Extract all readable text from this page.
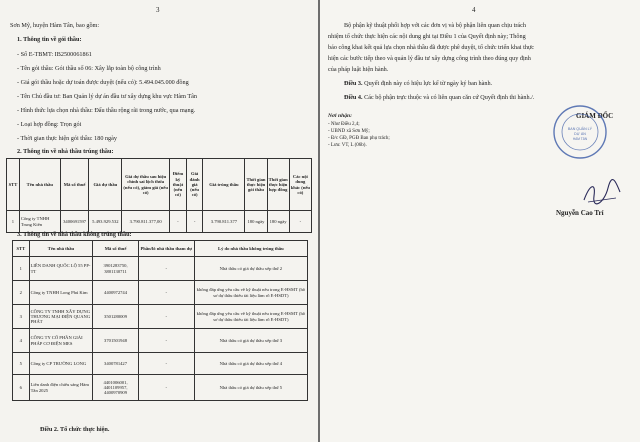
3
Sơn Mỹ, huyện Hàm Tân, bao gồm:
1. Thông tin về gói thầu:
- Số E-TBMT: IB2500061861
- Tên gói thầu: Gói thầu số 06: Xây lắp toàn bộ công trình
- Giá gói thầu hoặc dự toán được duyệt (nếu có): 5.494.045.000 đồng
- Tên Chủ đầu tư: Ban Quản lý dự án đầu tư xây dựng khu vực Hàm Tân
- Hình thức lựa chọn nhà thầu: Đấu thầu rộng rãi trong nước, qua mạng.
- Loại hợp đồng: Trọn gói
- Thời gian thực hiện gói thầu: 180 ngày
2. Thông tin về nhà thầu trúng thầu:
STT	Tên nhà thầu	Mã số thuế	Giá dự thầu	Giá dự thầu sau hiệu chỉnh sai lệch thừa (nếu có), giảm giá (nếu có)	Điểm kỹ thuật (nếu có)	Giá đánh giá (nếu có)	Giá trúng thầu	Thời gian thực hiện gói thầu	Thời gian thực hiện hợp đồng	Các nội dung khác (nếu có)
1	Công ty TNHH Trung Kiên	3400691597	5.493.929.532	3.790.811.377,00	-	-	3.790.811.377	180 ngày	180 ngày	-
3. Thông tin về nhà thầu không trúng thầu:
STT	Tên nhà thầu	Mã số thuế	Phần/lô nhà thầu tham dự	Lý do nhà thầu không trúng thầu
1	LIÊN DANH QUỐC LỘ 55 PP-TT	3901283750, 3801130711	-	Nhà thầu có giá dự thầu xếp thứ 2
2	Công ty TNHH Long Phú Kim	4400972744	-	không đáp ứng yêu cầu về kỹ thuật nêu trong E-HSMT (hồ sơ dự thầu thiếu tài liệu làm rõ E-HSDT)
3	CÔNG TY TNHH XÂY DỰNG THƯƠNG MẠI ĐIỆN QUANG PHÁT	3501280009	-	không đáp ứng yêu cầu về kỹ thuật nêu trong E-HSMT (hồ sơ dự thầu thiếu tài liệu làm rõ E-HSDT)
4	CÔNG TY CỔ PHẦN GIẢI PHÁP CƠ ĐIỆN MES	3701501948	-	Nhà thầu có giá dự thầu xếp thứ 3
5	Công ty CP TRƯỜNG LONG	3400781427	-	Nhà thầu có giá dự thầu xếp thứ 4
6	Liên danh điện chiếu sáng Hàm Tân 2025	4401006001, 4401109957, 4400970909	-	Nhà thầu có giá dự thầu xếp thứ 5
Điều 2. Tổ chức thực hiện.
4
Bộ phận kỹ thuật phối hợp với các đơn vị và bộ phận liên quan chịu trách
nhiệm tổ chức thực hiện các nội dung ghi tại Điều 1 của Quyết định này; Thông
báo công khai kết quả lựa chọn nhà thầu đã được phê duyệt, tổ chức triển khai thực
hiện các bước tiếp theo và quản lý đầu tư xây dựng công trình theo đúng quy định
của pháp luật hiện hành.
Điều 3. Quyết định này có hiệu lực kể từ ngày ký ban hành.
Điều 4. Các bộ phận trực thuộc và có liên quan căn cứ Quyết định thi hành./.
Nơi nhận:
- Như Điều 2,4;
- UBND xã Sơn Mỹ;
- Đ/c GĐ, PGĐ Ban phụ trách;
- Lưu: VT, L (06b).
GIÁM ĐỐC
BAN QUẢN LÝ
DỰ ÁN
HÀM TÂN
Nguyễn Cao Trí
